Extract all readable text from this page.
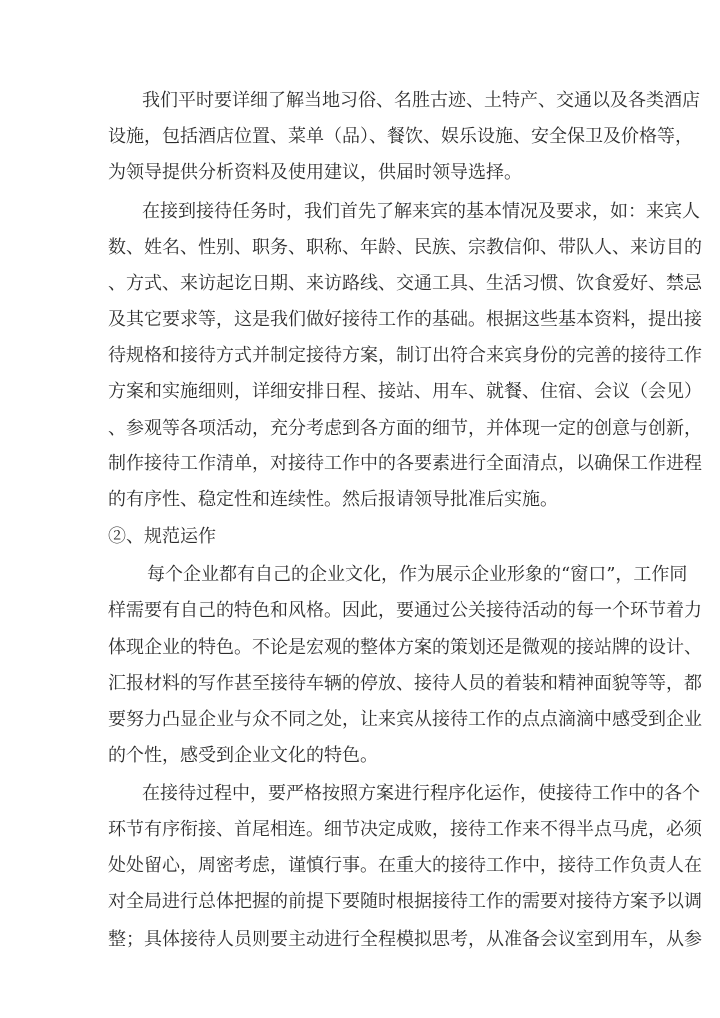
我们平时要详细了解当地习俗、名胜古迹、土特产、交通以及各类酒店
设施，包括酒店位置、菜单（品）、餐饮、娱乐设施、安全保卫及价格等，
为领导提供分析资料及使用建议，供届时领导选择。
在接到接待任务时，我们首先了解来宾的基本情况及要求，如：来宾人
数、姓名、性别、职务、职称、年龄、民族、宗教信仰、带队人、来访目的
、方式、来访起讫日期、来访路线、交通工具、生活习惯、饮食爱好、禁忌
及其它要求等，这是我们做好接待工作的基础。根据这些基本资料，提出接
待规格和接待方式并制定接待方案，制订出符合来宾身份的完善的接待工作
方案和实施细则，详细安排日程、接站、用车、就餐、住宿、会议（会见）
、参观等各项活动，充分考虑到各方面的细节，并体现一定的创意与创新，
制作接待工作清单，对接待工作中的各要素进行全面清点，以确保工作进程
的有序性、稳定性和连续性。然后报请领导批准后实施。
②、规范运作
每个企业都有自己的企业文化，作为展示企业形象的“窗口”，工作同
样需要有自己的特色和风格。因此，要通过公关接待活动的每一个环节着力
体现企业的特色。不论是宏观的整体方案的策划还是微观的接站牌的设计、
汇报材料的写作甚至接待车辆的停放、接待人员的着装和精神面貌等等，都
要努力凸显企业与众不同之处，让来宾从接待工作的点点滴滴中感受到企业
的个性，感受到企业文化的特色。
在接待过程中，要严格按照方案进行程序化运作，使接待工作中的各个
环节有序衔接、首尾相连。细节决定成败，接待工作来不得半点马虎，必须
处处留心，周密考虑，谨慎行事。在重大的接待工作中，接待工作负责人在
对全局进行总体把握的前提下要随时根据接待工作的需要对接待方案予以调
整；具体接待人员则要主动进行全程模拟思考，从准备会议室到用车，从参
